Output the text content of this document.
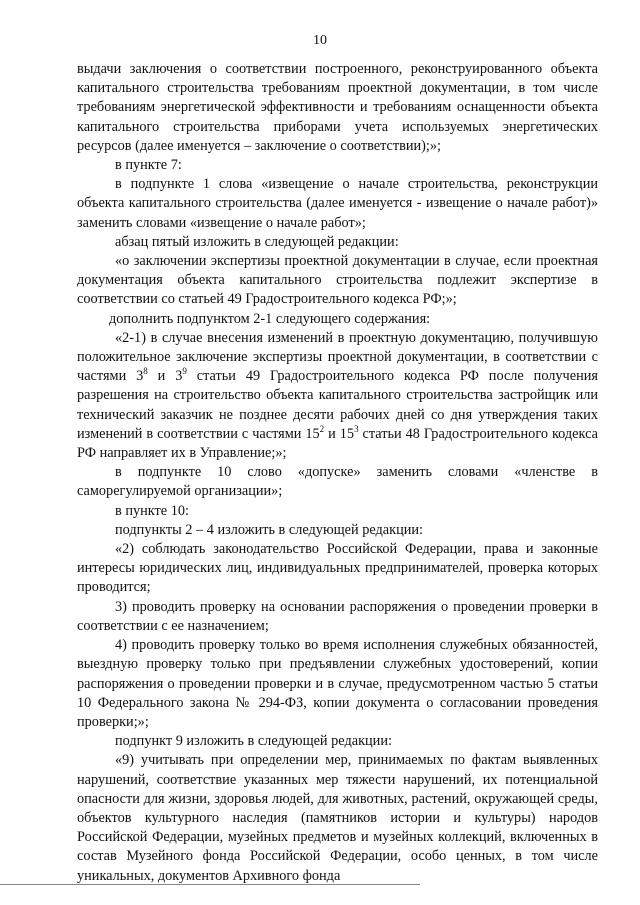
10

выдачи заключения о соответствии построенного, реконструированного объекта капитального строительства требованиям проектной документации, в том числе требованиям энергетической эффективности и требованиям оснащенности объекта капитального строительства приборами учета используемых энергетических ресурсов (далее именуется – заключение о соответствии);»;

в пункте 7:

в подпункте 1 слова «извещение о начале строительства, реконструкции объекта капитального строительства (далее именуется - извещение о начале работ)» заменить словами «извещение о начале работ»;

абзац пятый изложить в следующей редакции:

«о заключении экспертизы проектной документации в случае, если проектная документация объекта капитального строительства подлежит экспертизе в соответствии со статьей 49 Градостроительного кодекса РФ;»;

дополнить подпунктом 2-1 следующего содержания:

«2-1) в случае внесения изменений в проектную документацию, получившую положительное заключение экспертизы проектной документации, в соответствии с частями $3^8$ и $3^9$ статьи 49 Градостроительного кодекса РФ после получения разрешения на строительство объекта капитального строительства застройщик или технический заказчик не позднее десяти рабочих дней со дня утверждения таких изменений в соответствии с частями $15^2$ и $15^3$ статьи 48 Градостроительного кодекса РФ направляет их в Управление;»;

в подпункте 10 слово «допуске» заменить словами «членстве в саморегулируемой организации»;

в пункте 10:

подпункты 2 – 4 изложить в следующей редакции:

«2) соблюдать законодательство Российской Федерации, права и законные интересы юридических лиц, индивидуальных предпринимателей, проверка которых проводится;

3) проводить проверку на основании распоряжения о проведении проверки в соответствии с ее назначением;

4) проводить проверку только во время исполнения служебных обязанностей, выездную проверку только при предъявлении служебных удостоверений, копии распоряжения о проведении проверки и в случае, предусмотренном частью 5 статьи 10 Федерального закона № 294-ФЗ, копии документа о согласовании проведения проверки;»;

подпункт 9 изложить в следующей редакции:

«9) учитывать при определении мер, принимаемых по фактам выявленных нарушений, соответствие указанных мер тяжести нарушений, их потенциальной опасности для жизни, здоровья людей, для животных, растений, окружающей среды, объектов культурного наследия (памятников истории и культуры) народов Российской Федерации, музейных предметов и музейных коллекций, включенных в состав Музейного фонда Российской Федерации, особо ценных, в том числе уникальных, документов Архивного фонда
